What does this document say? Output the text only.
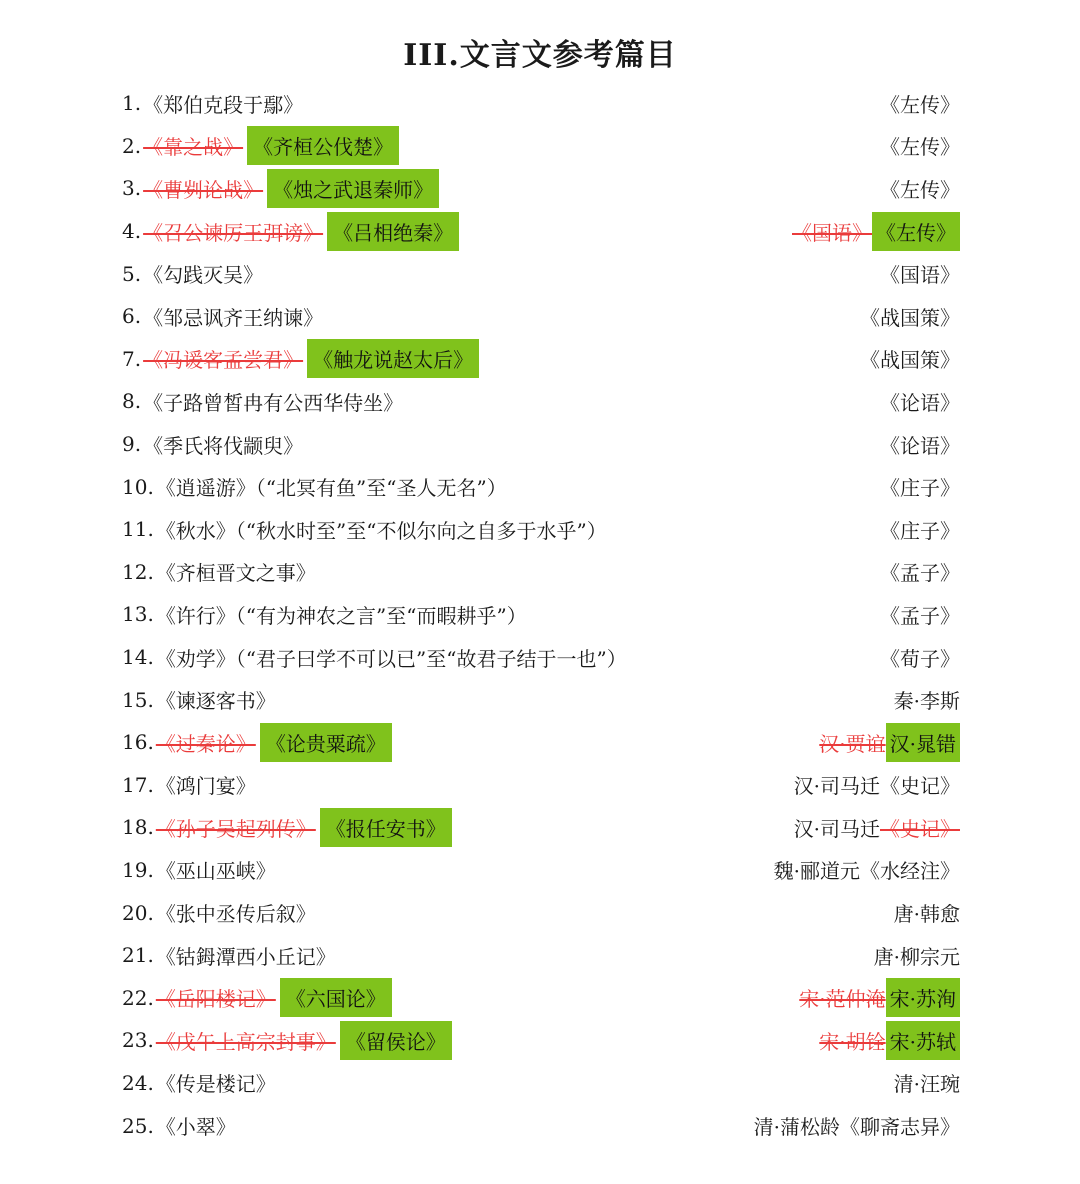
III.文言文参考篇目
1. 《郑伯克段于鄢》	《左传》
2. 《靠之战》 《齐桓公伐楚》	《左传》
3. 《曹刿论战》 《烛之武退秦师》	《左传》
4. 《召公谏厉王弭谤》 《吕相绝秦》	《国语》 《左传》
5. 《勾践灭吴》	《国语》
6. 《邹忌讽齐王纳谏》	《战国策》
7. 《冯谖客孟尝君》 《触龙说赵太后》	《战国策》
8. 《子路曾皙冉有公西华侍坐》	《论语》
9. 《季氏将伐颛臾》	《论语》
10. 《逍遥游》（“北冥有鱼”至“圣人无名”）	《庄子》
11. 《秋水》（“秋水时至”至“不似尔向之自多于水乎”）	《庄子》
12. 《齐桓晋文之事》	《孟子》
13. 《许行》（“有为神农之言”至“而暇耕乎”）	《孟子》
14. 《劝学》（“君子曰学不可以已”至“故君子结于一也”）	《荀子》
15. 《谏逐客书》	秦·李斯
16. 《过秦论》 《论贵粟疏》	汉·贾谊 汉·晁错
17. 《鸿门宴》	汉·司马迁《史记》
18. 《孙子吴起列传》 《报任安书》	汉·司马迁 《史记》
19. 《巫山巫峡》	魏·郦道元《水经注》
20. 《张中丞传后叙》	唐·韩愈
21. 《钴鉧潭西小丘记》	唐·柳宗元
22. 《岳阳楼记》 《六国论》	宋·范仲淹 宋·苏洵
23. 《戊午上高宗封事》 《留侯论》	宋·胡铨 宋·苏轼
24. 《传是楼记》	清·汪琬
25. 《小翠》	清·蒲松龄《聊斋志异》
